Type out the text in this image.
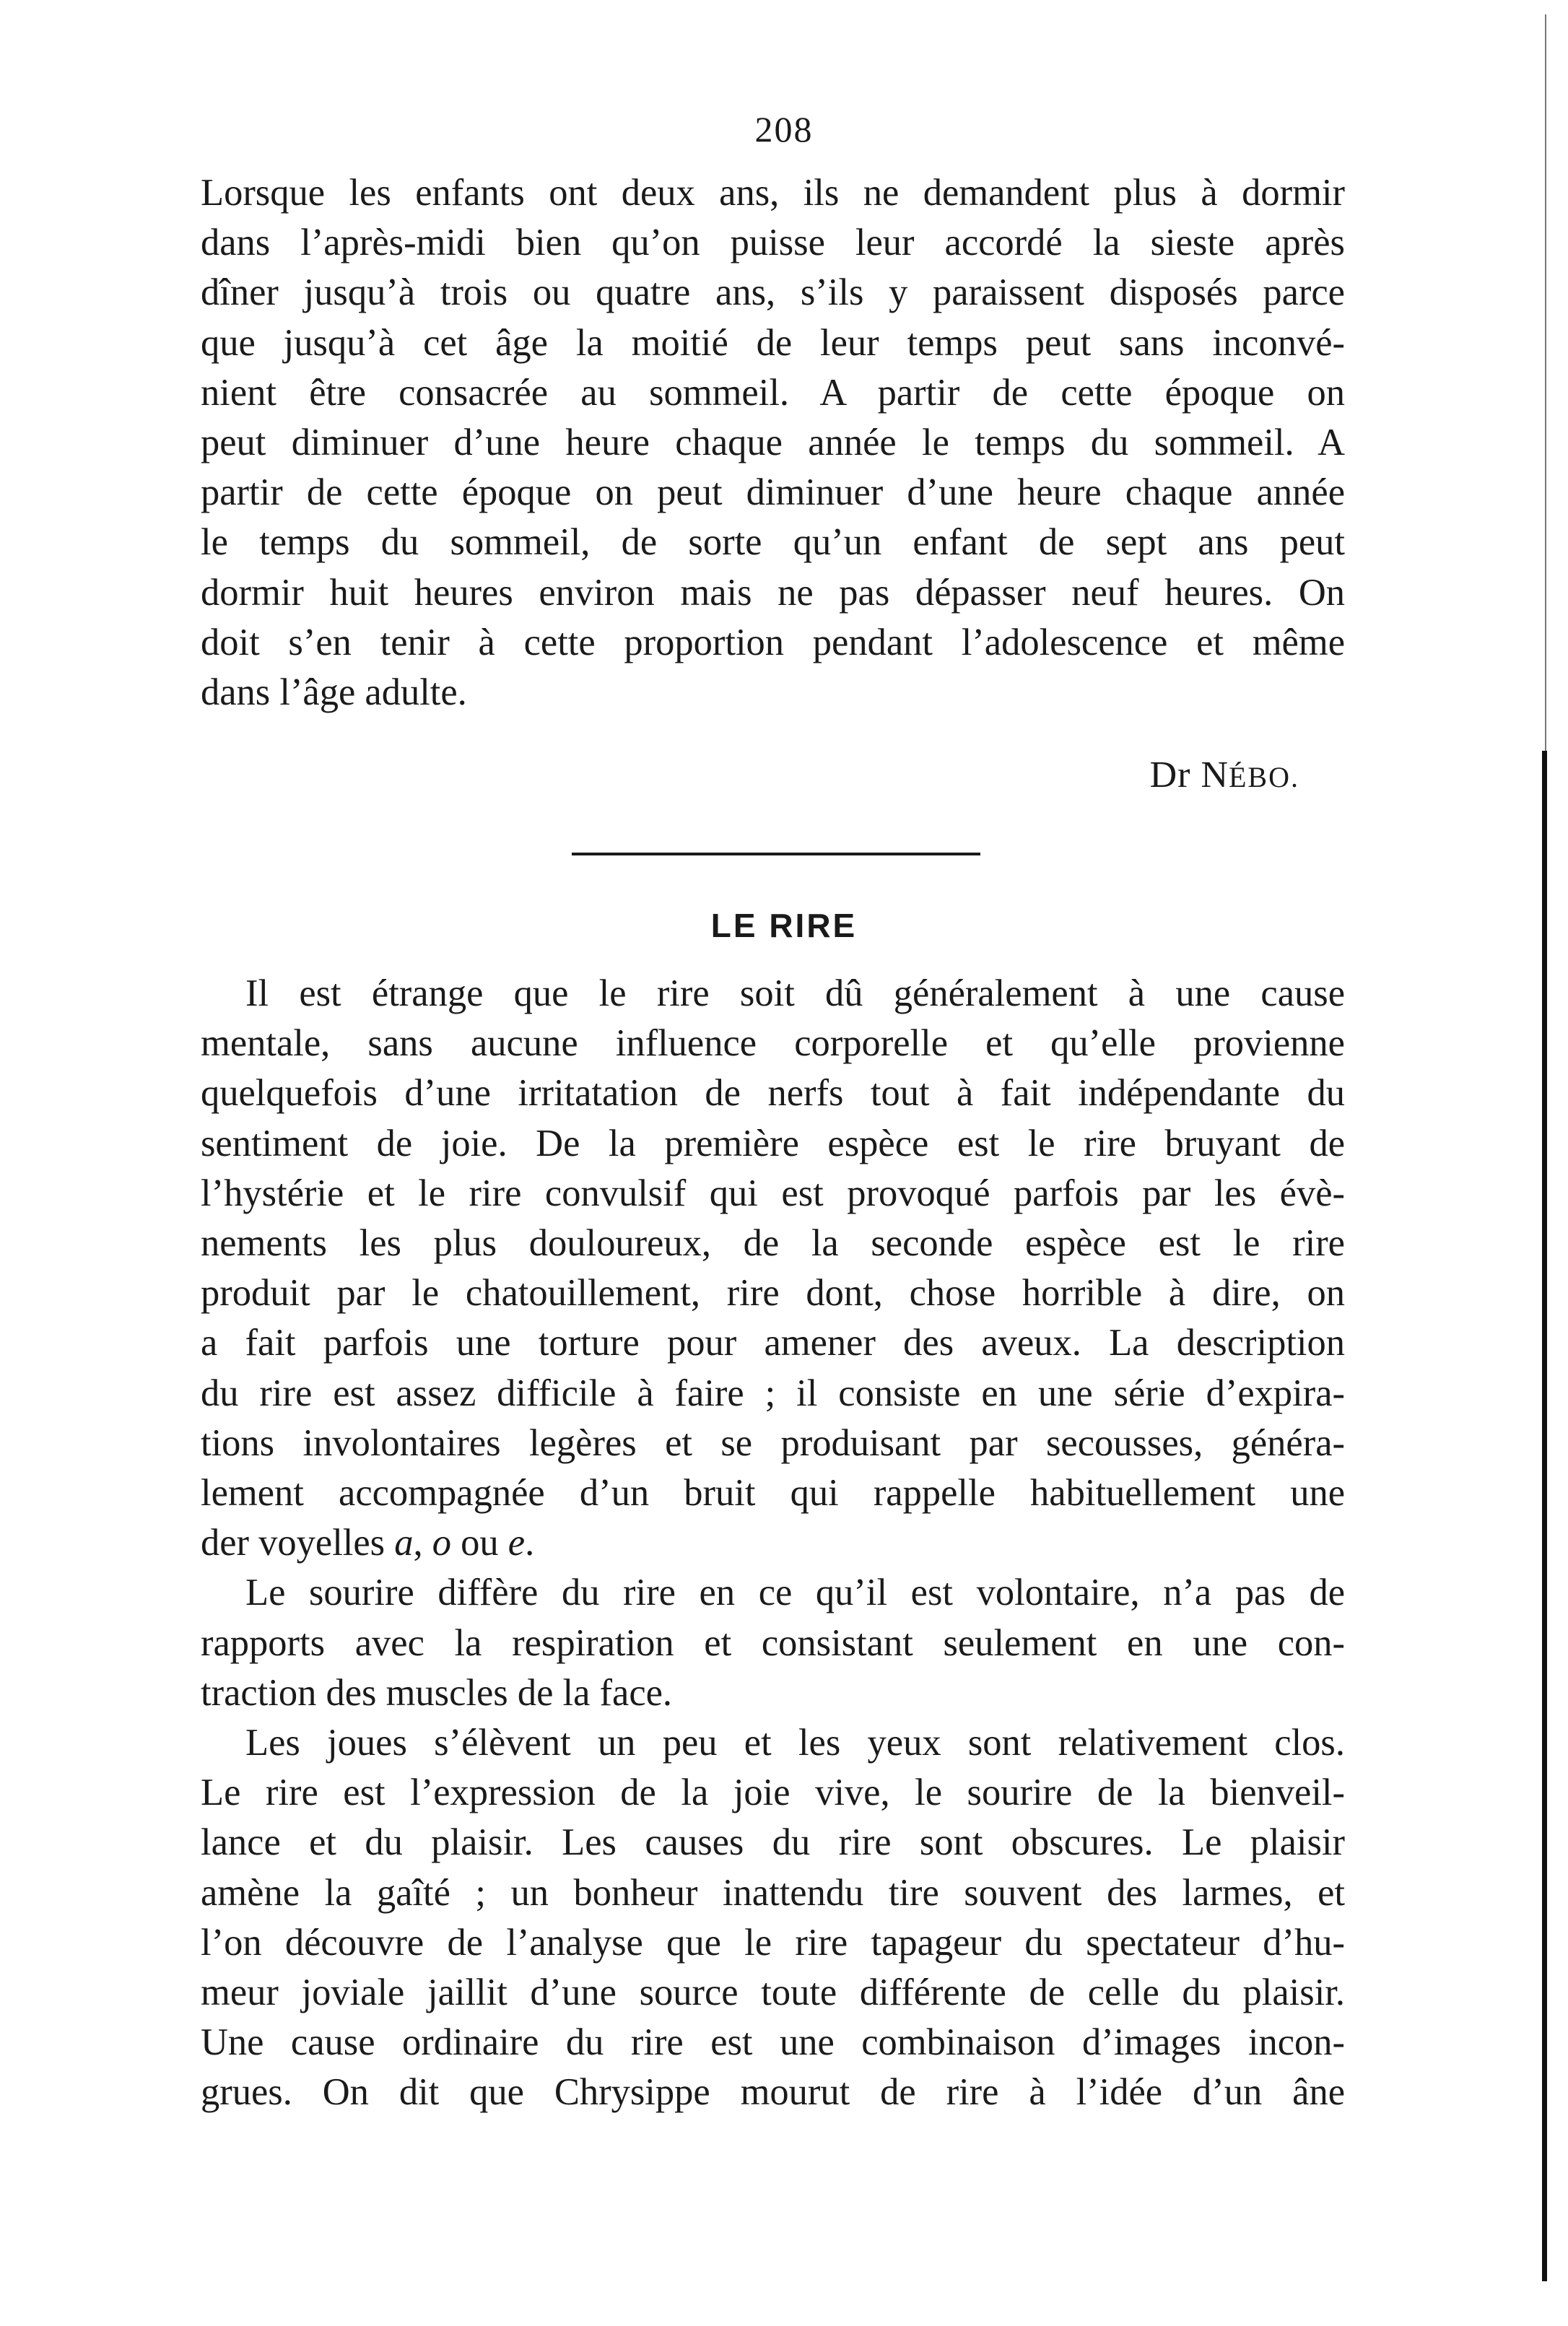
208

Lorsque les enfants ont deux ans, ils ne demandent plus à dormir
dans l’après-midi bien qu’on puisse leur accordé la sieste après
dîner jusqu’à trois ou quatre ans, s’ils y paraissent disposés parce
que jusqu’à cet âge la moitié de leur temps peut sans inconvé-
nient être consacrée au sommeil. A partir de cette époque on
peut diminuer d’une heure chaque année le temps du sommeil. A
partir de cette époque on peut diminuer d’une heure chaque année
le temps du sommeil, de sorte qu’un enfant de sept ans peut
dormir huit heures environ mais ne pas dépasser neuf heures. On
doit s’en tenir à cette proportion pendant l’adolescence et même
dans l’âge adulte.

Dr NÉBO.
LE RIRE

Il est étrange que le rire soit dû généralement à une cause
mentale, sans aucune influence corporelle et qu’elle provienne
quelquefois d’une irritatation de nerfs tout à fait indépendante du
sentiment de joie. De la première espèce est le rire bruyant de
l’hystérie et le rire convulsif qui est provoqué parfois par les évè-
nements les plus douloureux, de la seconde espèce est le rire
produit par le chatouillement, rire dont, chose horrible à dire, on
a fait parfois une torture pour amener des aveux. La description
du rire est assez difficile à faire ; il consiste en une série d’expira-
tions involontaires legères et se produisant par secousses, généra-
lement accompagnée d’un bruit qui rappelle habituellement une
der voyelles a, o ou e.

Le sourire diffère du rire en ce qu’il est volontaire, n’a pas de
rapports avec la respiration et consistant seulement en une con-
traction des muscles de la face.

Les joues s’élèvent un peu et les yeux sont relativement clos.
Le rire est l’expression de la joie vive, le sourire de la bienveil-
lance et du plaisir. Les causes du rire sont obscures. Le plaisir
amène la gaîté ; un bonheur inattendu tire souvent des larmes, et
l’on découvre de l’analyse que le rire tapageur du spectateur d’hu-
meur joviale jaillit d’une source toute différente de celle du plaisir.
Une cause ordinaire du rire est une combinaison d’images incon-
grues. On dit que Chrysippe mourut de rire à l’idée d’un âne
